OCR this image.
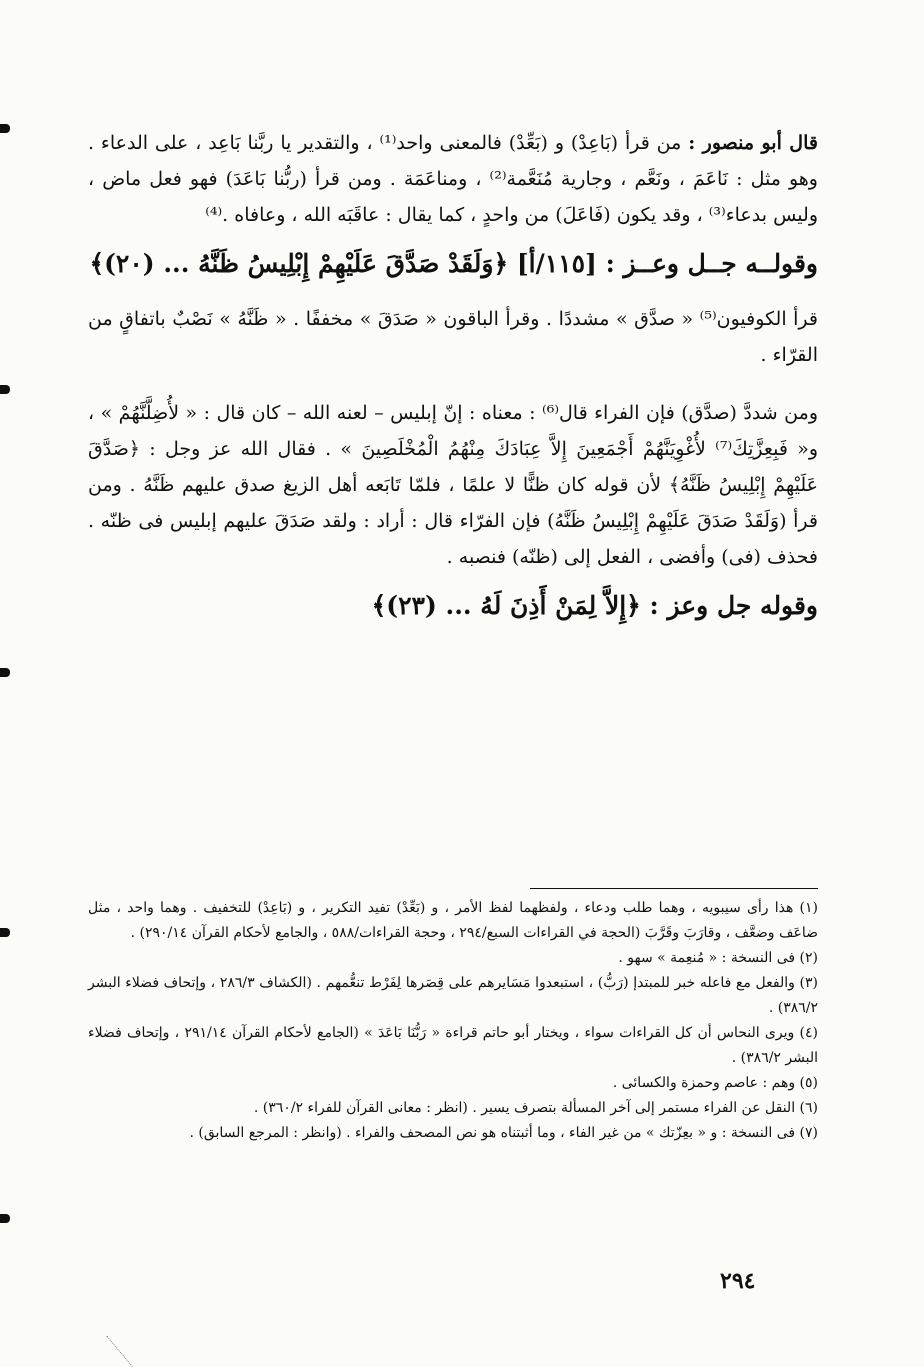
قال أبو منصور : من قرأ (بَاعِدْ) و (بَعِّدْ) فالمعنى واحد⁽¹⁾ ، والتقدير يا ربَّنا بَاعِد ، على الدعاء . وهو مثل : نَاعَمَ ، ونَعَّم ، وجارية مُنَعَّمة⁽²⁾ ، ومناعَمَة . ومن قرأ (ربُّنا بَاعَدَ) فهو فعل ماض ، وليس بدعاء⁽³⁾ ، وقد يكون (فَاعَلَ) من واحدٍ ، كما يقال : عاقَبَه الله ، وعافاه .⁽⁴⁾

وقولــه جــل وعــز : [١١٥/أ] ﴿وَلَقَدْ صَدَّقَ عَلَيْهِمْ إِبْلِيسُ ظَنَّهُ ... (٢٠)﴾

قرأ الكوفيون⁽⁵⁾ « صدَّق » مشددًا . وقرأ الباقون « صَدَقَ » مخففًا . « ظَنَّهُ » نَصْبٌ باتفاقٍ من القرّاء .

ومن شددَّ (صدَّق) فإن الفراء قال⁽⁶⁾ : معناه : إنّ إبليس – لعنه الله – كان قال : « لأُضِلَّنَّهُمْ » ، و« فَبِعِزَّتِكَ⁽⁷⁾ لأُغْوِيَنَّهُمْ أَجْمَعِينَ إِلاَّ عِبَادَكَ مِنْهُمُ الْمُخْلَصِينَ » . فقال الله عز وجل : ﴿صَدَّقَ عَلَيْهِمْ إِبْلِيسُ ظَنَّهُ﴾ لأن قوله كان ظنًّا لا علمًا ، فلمّا تَابَعه أهل الزيغ صدق عليهم ظَنَّهُ . ومن قرأ (وَلَقَدْ صَدَقَ عَلَيْهِمْ إِبْلِيسُ ظَنَّهُ) فإن الفرّاء قال : أراد : ولقد صَدَقَ عليهم إبليس فى ظنّه . فحذف (فى) وأفضى ، الفعل إلى (ظنّه) فنصبه .

وقوله جل وعز : ﴿إِلاَّ لِمَنْ أَذِنَ لَهُ ... (٢٣)﴾

(١) هذا رأى سيبويه ، وهما طلب ودعاء ، ولفظهما لفظ الأمر ، و (بَعِّدْ) تفيد التكرير ، و (بَاعِدْ) للتخفيف . وهما واحد ، مثل ضاعَف وضعَّف ، وقارَبَ وقَرَّبَ (الحجة في القراءات السبع/٢٩٤ ، وحجة القراءات/٥٨٨ ، والجامع لأحكام القرآن ٢٩٠/١٤) .

(٢) فى النسخة : « مُنعِمة » سهو .

(٣) والفعل مع فاعله خبر للمبتدإ (رَبُّ) ، استبعدوا مَسَايرهم على قِصَرها لِفَرْط تنعُّمهم . (الكشاف ٢٨٦/٣ ، وإتحاف فضلاء البشر ٣٨٦/٢) .

(٤) ويرى النحاس أن كل القراءات سواء ، ويختار أبو حاتم قراءة « رَبُّنَا بَاعَدَ » (الجامع لأحكام القرآن ٢٩١/١٤ ، وإتحاف فضلاء البشر ٣٨٦/٢) .

(٥) وهم : عاصم وحمزة والكسائى .

(٦) النقل عن الفراء مستمر إلى آخر المسألة بتصرف يسير . (انظر : معانى القرآن للفراء ٣٦٠/٢) .

(٧) فى النسخة : و « بعِزّتك » من غير الفاء ، وما أثبتناه هو نص المصحف والفراء . (وانظر : المرجع السابق) .

٢٩٤
